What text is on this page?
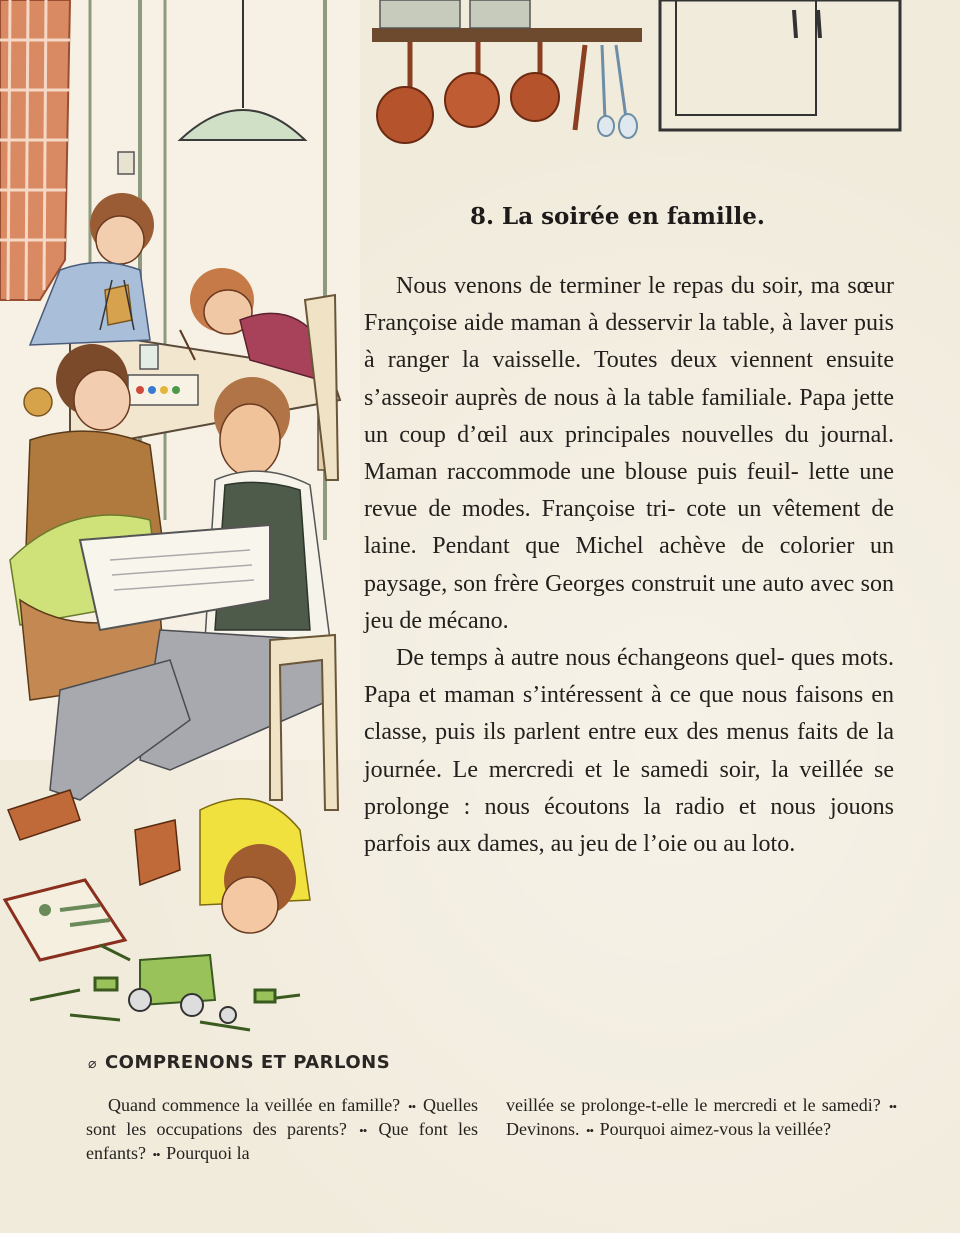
8. La soirée en famille.

Nous venons de terminer le repas du soir, ma sœur Françoise aide maman à desservir la table, à laver puis à ranger la vaisselle. Toutes deux viennent ensuite s’asseoir auprès de nous à la table familiale. Papa jette un coup d’œil aux principales nouvelles du journal. Maman raccommode une blouse puis feuil- lette une revue de modes. Françoise tri- cote un vêtement de laine. Pendant que Michel achève de colorier un paysage, son frère Georges construit une auto avec son jeu de mécano.

De temps à autre nous échangeons quel- ques mots. Papa et maman s’intéressent à ce que nous faisons en classe, puis ils parlent entre eux des menus faits de la journée. Le mercredi et le samedi soir, la veillée se prolonge : nous écoutons la radio et nous jouons parfois aux dames, au jeu de l’oie ou au loto.

⌀ COMPRENONS ET PARLONS
Quand commence la veillée en famille? •• Quelles sont les occupations des parents? •• Que font les enfants? •• Pourquoi la
veillée se prolonge-t-elle le mercredi et le samedi? •• Devinons. •• Pourquoi aimez-vous la veillée?
